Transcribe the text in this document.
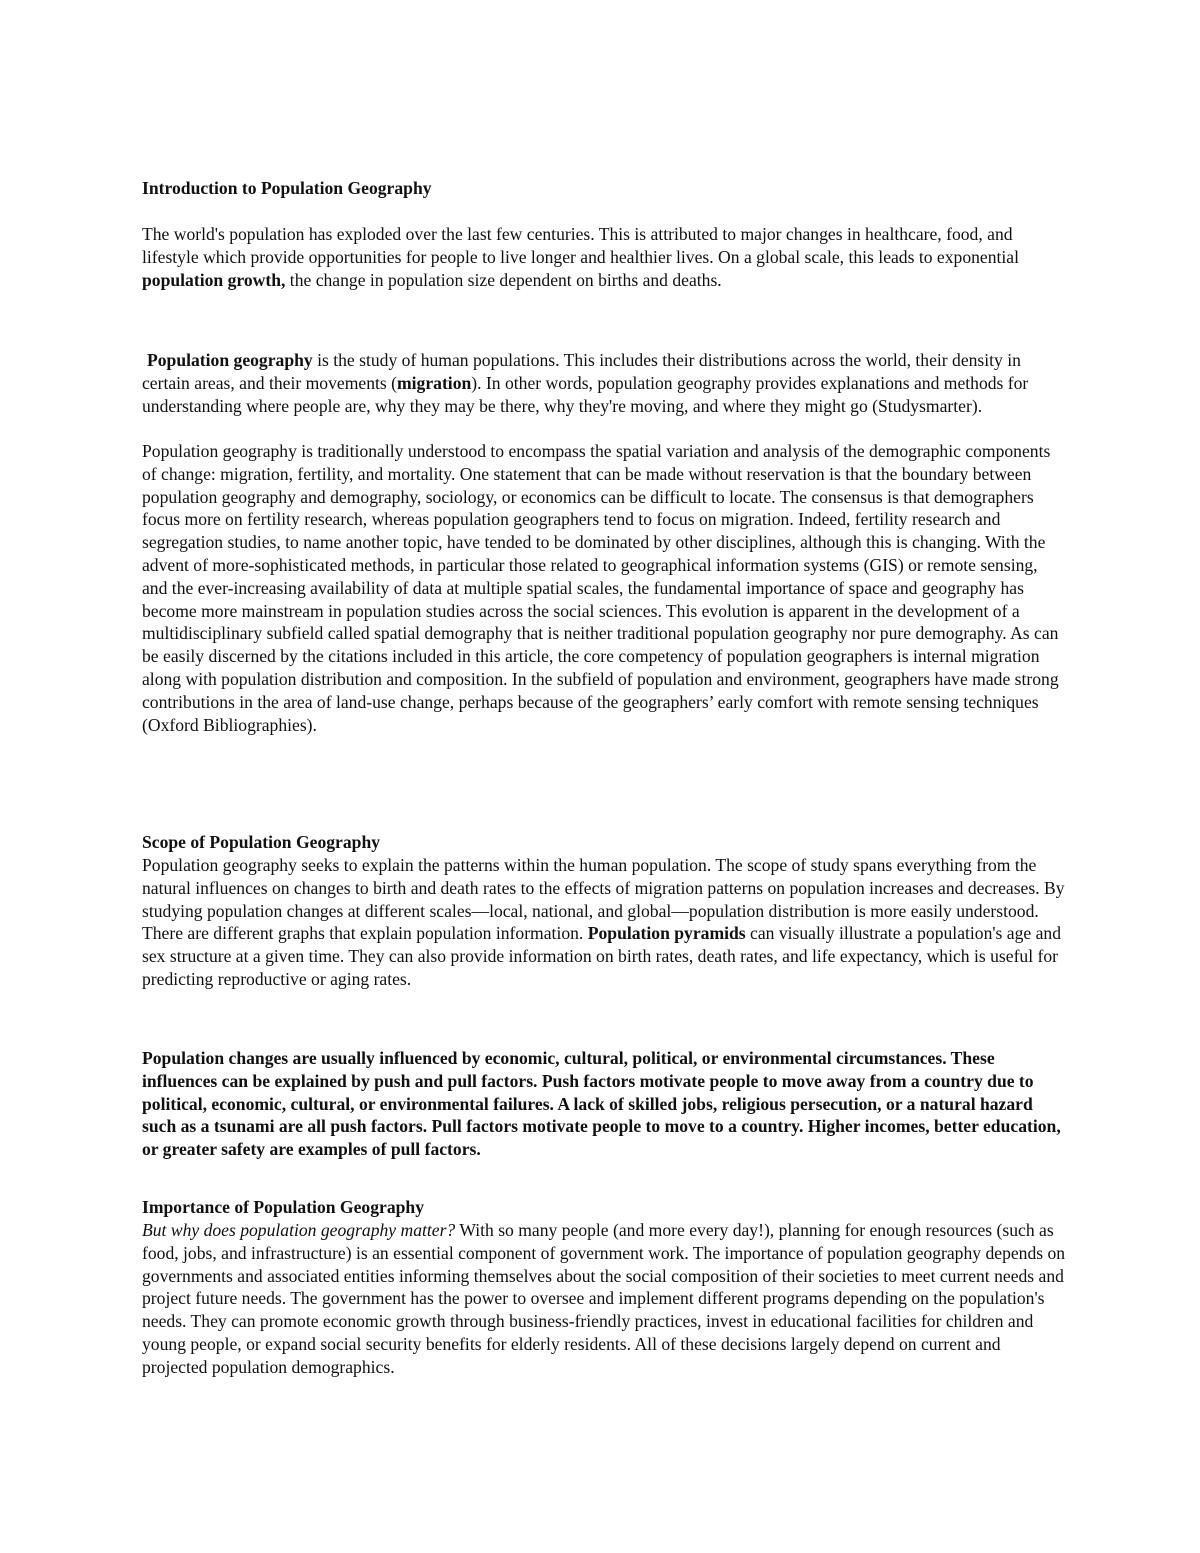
Introduction to Population Geography

The world's population has exploded over the last few centuries. This is attributed to major changes in healthcare, food, and lifestyle which provide opportunities for people to live longer and healthier lives. On a global scale, this leads to exponential population growth, the change in population size dependent on births and deaths.

Population geography is the study of human populations. This includes their distributions across the world, their density in certain areas, and their movements (migration). In other words, population geography provides explanations and methods for understanding where people are, why they may be there, why they're moving, and where they might go (Studysmarter).

Population geography is traditionally understood to encompass the spatial variation and analysis of the demographic components of change: migration, fertility, and mortality. One statement that can be made without reservation is that the boundary between population geography and demography, sociology, or economics can be difficult to locate. The consensus is that demographers focus more on fertility research, whereas population geographers tend to focus on migration. Indeed, fertility research and segregation studies, to name another topic, have tended to be dominated by other disciplines, although this is changing. With the advent of more-sophisticated methods, in particular those related to geographical information systems (GIS) or remote sensing, and the ever-increasing availability of data at multiple spatial scales, the fundamental importance of space and geography has become more mainstream in population studies across the social sciences. This evolution is apparent in the development of a multidisciplinary subfield called spatial demography that is neither traditional population geography nor pure demography. As can be easily discerned by the citations included in this article, the core competency of population geographers is internal migration along with population distribution and composition. In the subfield of population and environment, geographers have made strong contributions in the area of land-use change, perhaps because of the geographers’ early comfort with remote sensing techniques (Oxford Bibliographies).

Scope of Population Geography

Population geography seeks to explain the patterns within the human population. The scope of study spans everything from the natural influences on changes to birth and death rates to the effects of migration patterns on population increases and decreases. By studying population changes at different scales—local, national, and global—population distribution is more easily understood. There are different graphs that explain population information. Population pyramids can visually illustrate a population's age and sex structure at a given time. They can also provide information on birth rates, death rates, and life expectancy, which is useful for predicting reproductive or aging rates.

Population changes are usually influenced by economic, cultural, political, or environmental circumstances. These influences can be explained by push and pull factors. Push factors motivate people to move away from a country due to political, economic, cultural, or environmental failures. A lack of skilled jobs, religious persecution, or a natural hazard such as a tsunami are all push factors. Pull factors motivate people to move to a country. Higher incomes, better education, or greater safety are examples of pull factors.

Importance of Population Geography

But why does population geography matter? With so many people (and more every day!), planning for enough resources (such as food, jobs, and infrastructure) is an essential component of government work. The importance of population geography depends on governments and associated entities informing themselves about the social composition of their societies to meet current needs and project future needs. The government has the power to oversee and implement different programs depending on the population's needs. They can promote economic growth through business-friendly practices, invest in educational facilities for children and young people, or expand social security benefits for elderly residents. All of these decisions largely depend on current and projected population demographics.
